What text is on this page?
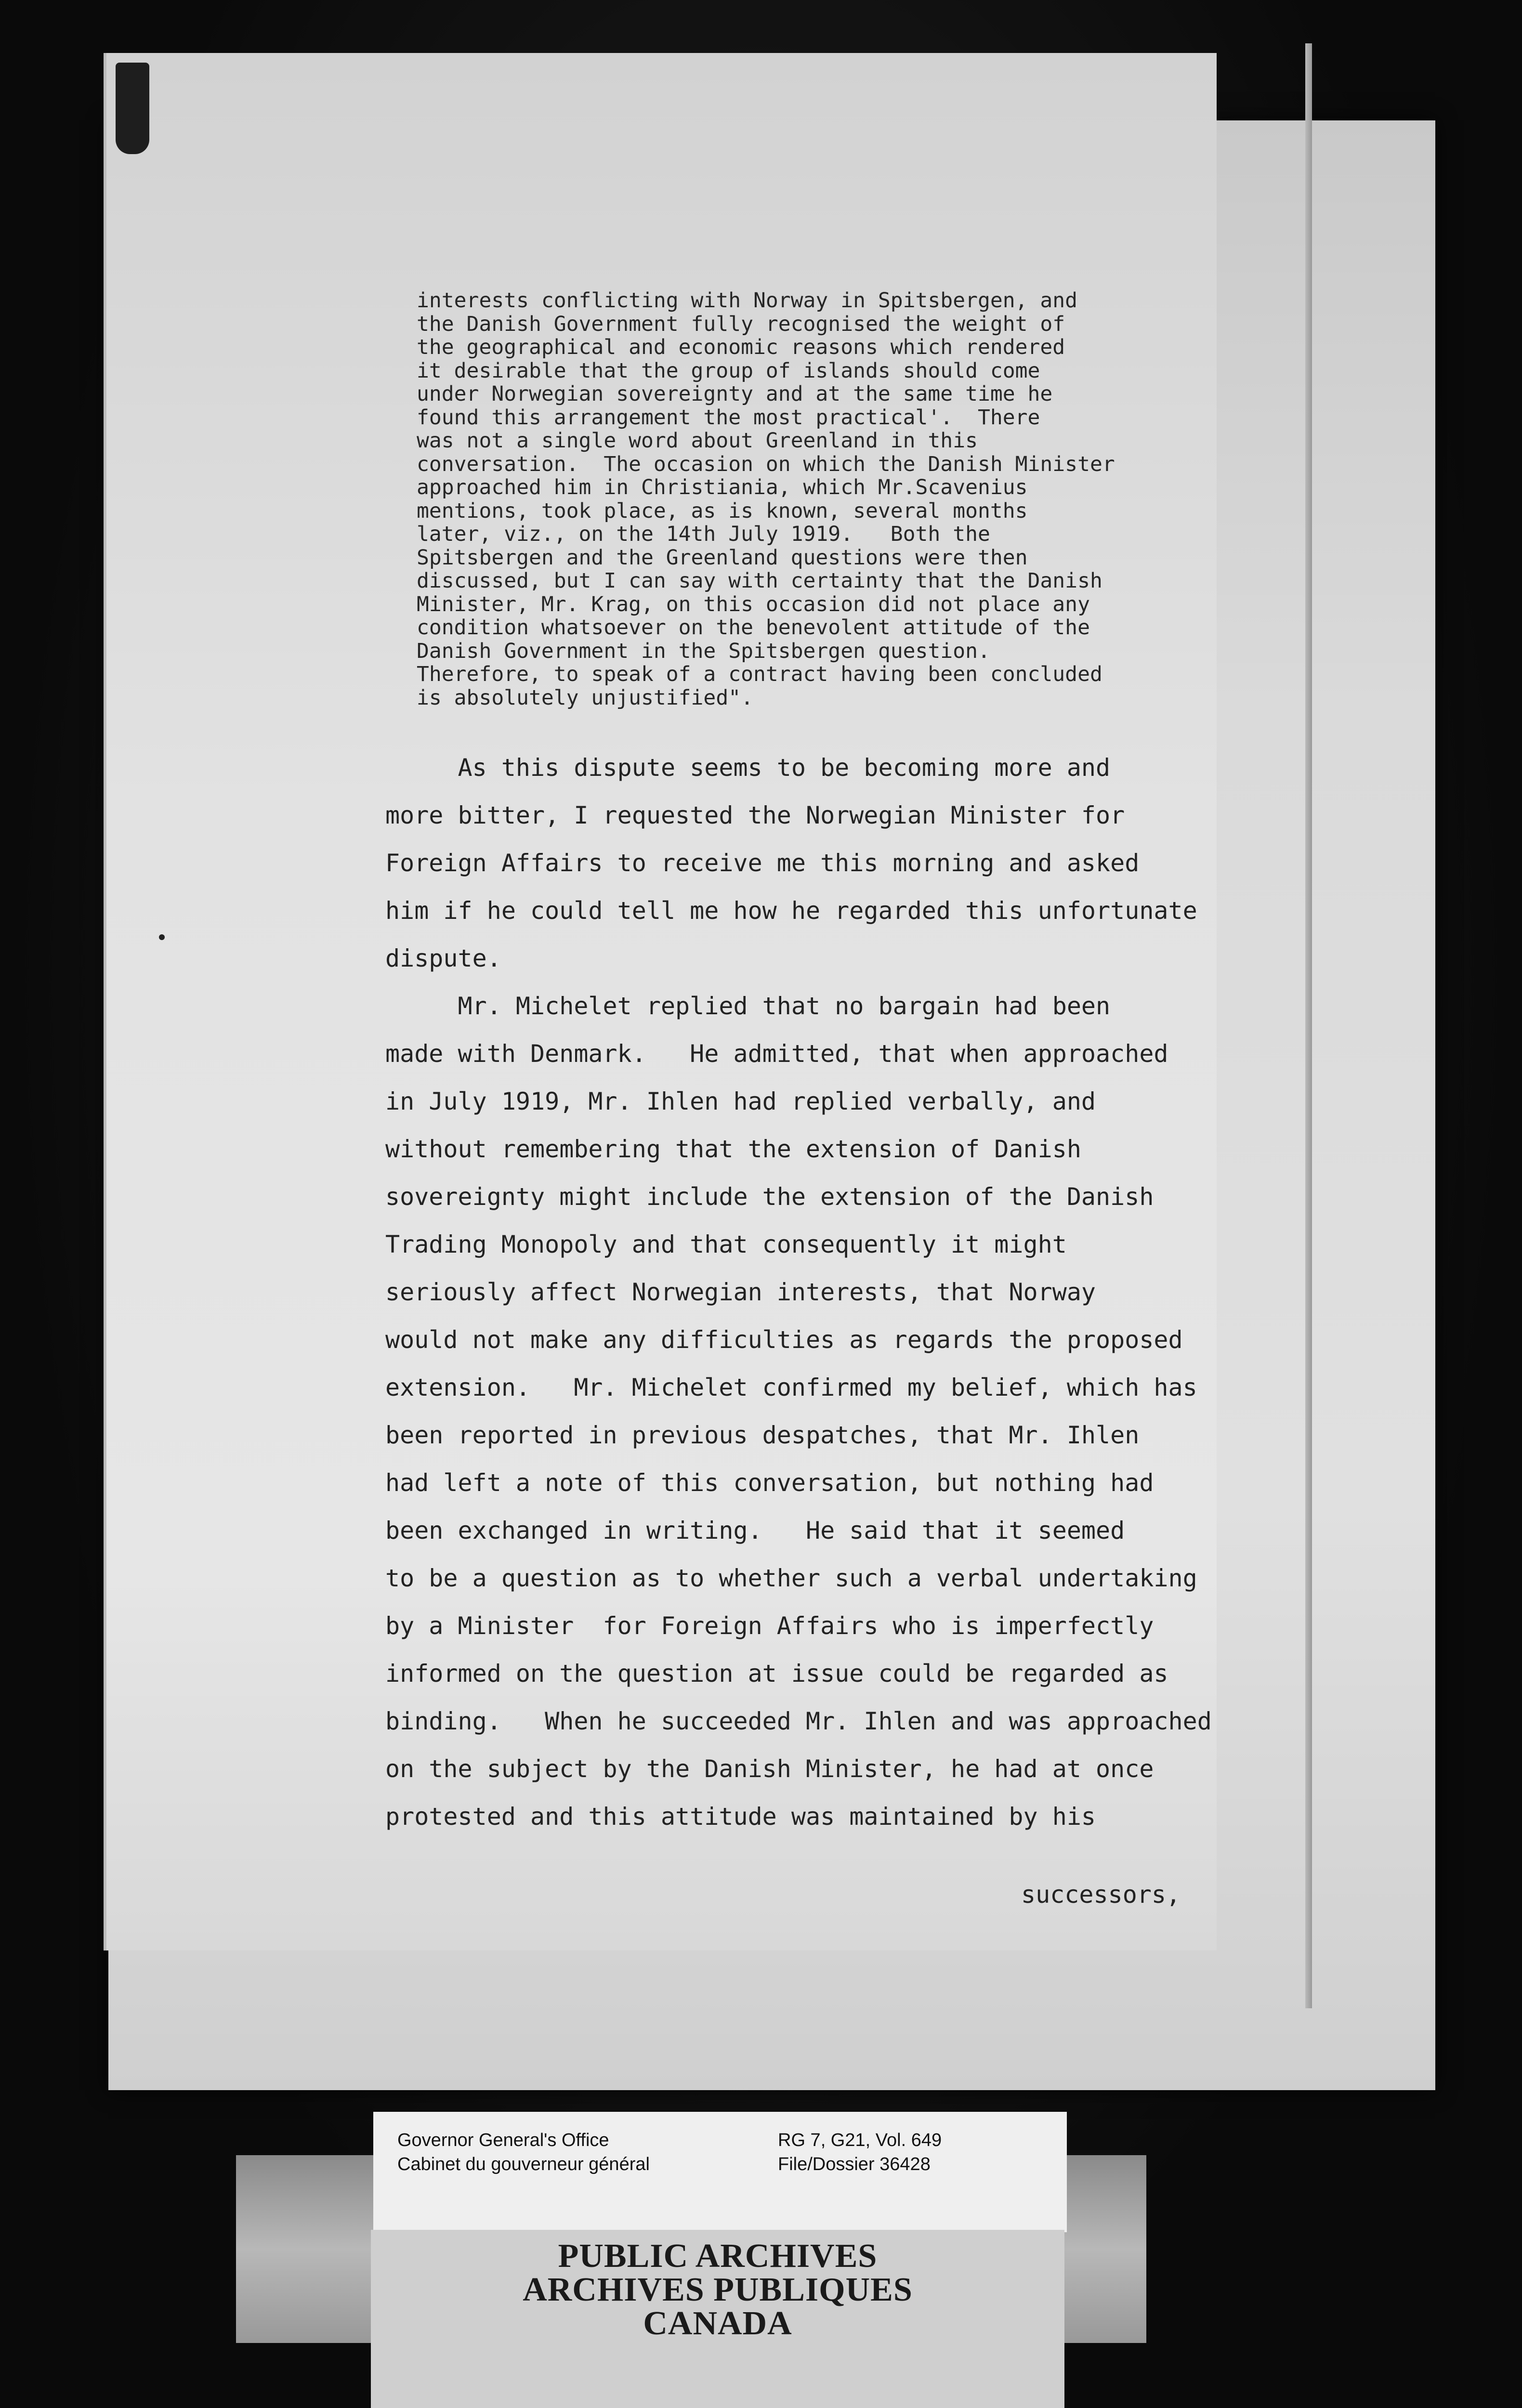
interests conflicting with Norway in Spitsbergen, and
the Danish Government fully recognised the weight of
the geographical and economic reasons which rendered
it desirable that the group of islands should come
under Norwegian sovereignty and at the same time he
found this arrangement the most practical'.  There
was not a single word about Greenland in this
conversation.  The occasion on which the Danish Minister
approached him in Christiania, which Mr.Scavenius
mentions, took place, as is known, several months
later, viz., on the 14th July 1919.   Both the
Spitsbergen and the Greenland questions were then
discussed, but I can say with certainty that the Danish
Minister, Mr. Krag, on this occasion did not place any
condition whatsoever on the benevolent attitude of the
Danish Government in the Spitsbergen question.
Therefore, to speak of a contract having been concluded
is absolutely unjustified".
As this dispute seems to be becoming more and
more bitter, I requested the Norwegian Minister for
Foreign Affairs to receive me this morning and asked
him if he could tell me how he regarded this unfortunate
dispute.
Mr. Michelet replied that no bargain had been
made with Denmark.   He admitted, that when approached
in July 1919, Mr. Ihlen had replied verbally, and
without remembering that the extension of Danish
sovereignty might include the extension of the Danish
Trading Monopoly and that consequently it might
seriously affect Norwegian interests, that Norway
would not make any difficulties as regards the proposed
extension.   Mr. Michelet confirmed my belief, which has
been reported in previous despatches, that Mr. Ihlen
had left a note of this conversation, but nothing had
been exchanged in writing.   He said that it seemed
to be a question as to whether such a verbal undertaking
by a Minister  for Foreign Affairs who is imperfectly
informed on the question at issue could be regarded as
binding.   When he succeeded Mr. Ihlen and was approached
on the subject by the Danish Minister, he had at once
protested and this attitude was maintained by his
successors,
Governor General's Office
Cabinet du gouverneur général
RG 7, G21, Vol. 649
File/Dossier 36428
PUBLIC ARCHIVES
ARCHIVES PUBLIQUES
CANADA
